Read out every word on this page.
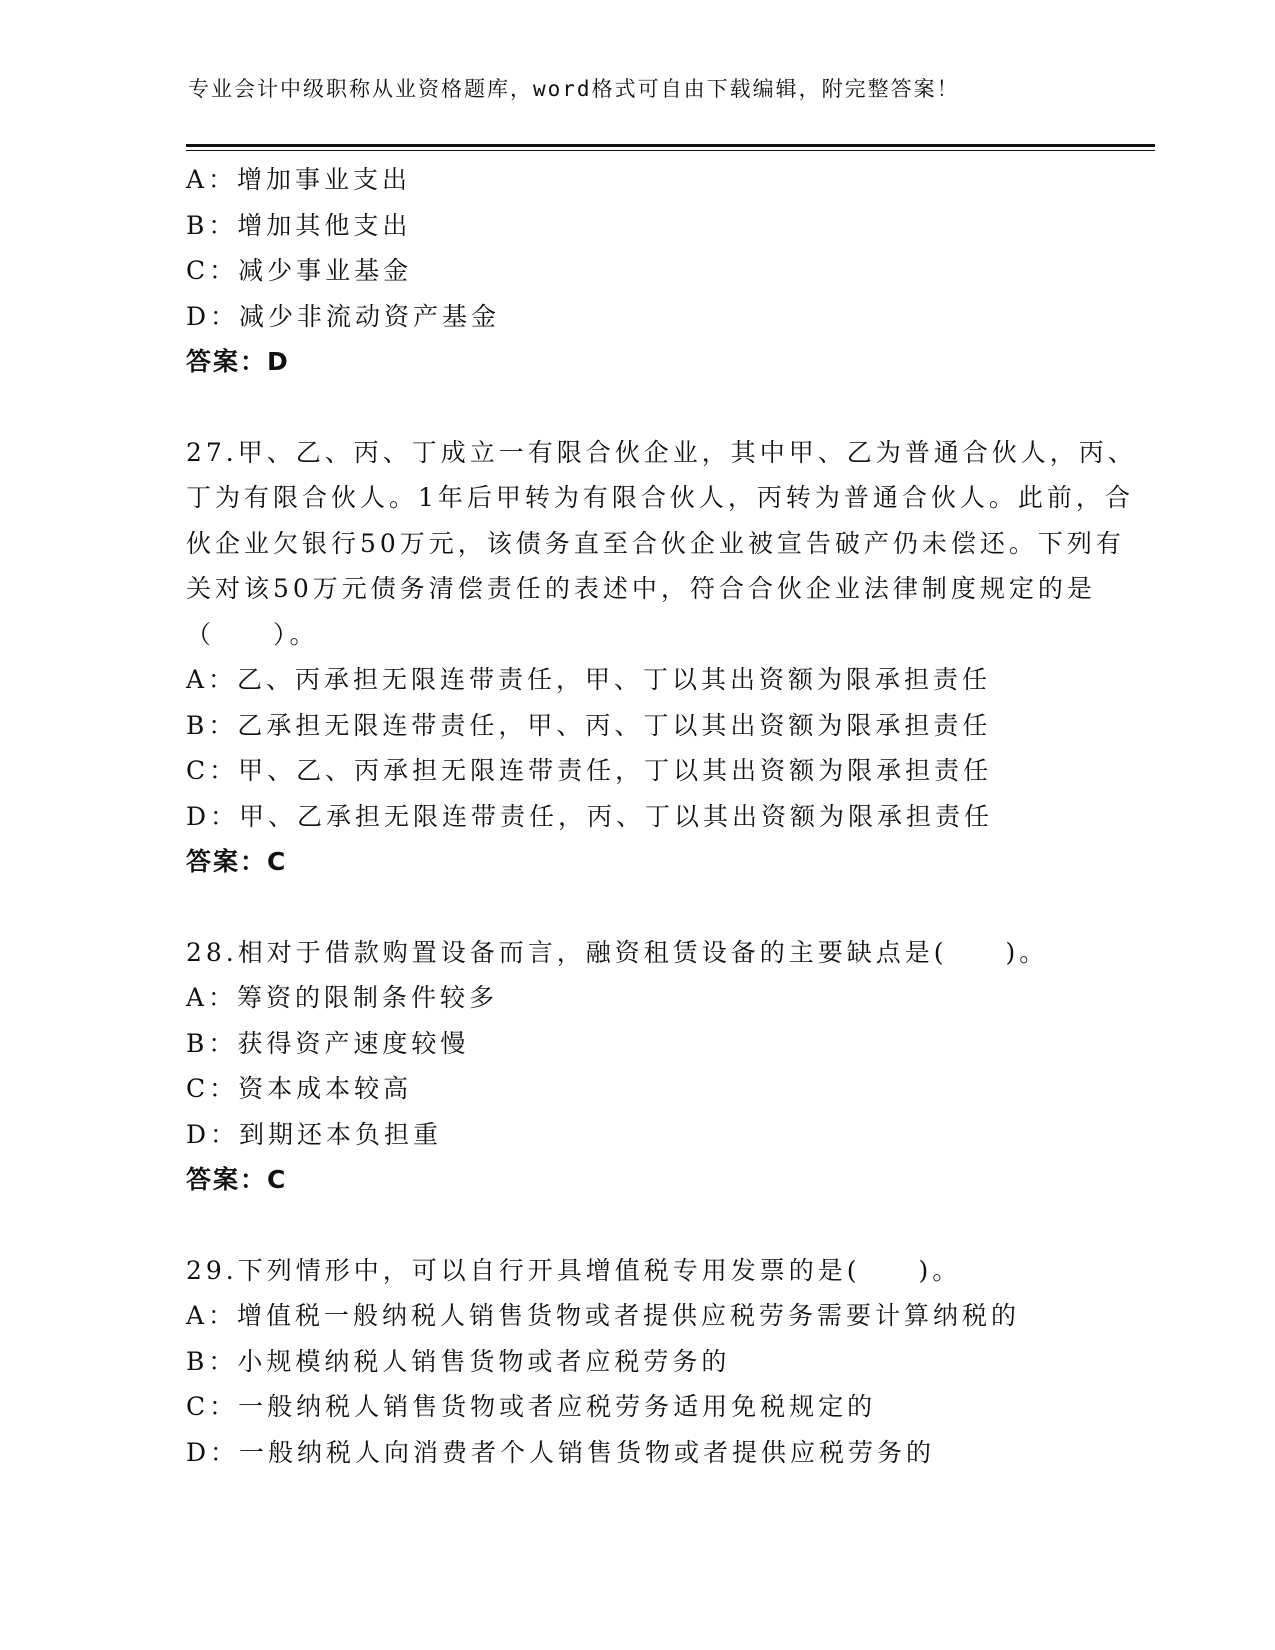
专业会计中级职称从业资格题库，word格式可自由下载编辑，附完整答案！
A：增加事业支出
B：增加其他支出
C：减少事业基金
D：减少非流动资产基金
答案：D
27.甲、乙、丙、丁成立一有限合伙企业，其中甲、乙为普通合伙人，丙、丁为有限合伙人。1年后甲转为有限合伙人，丙转为普通合伙人。此前，合伙企业欠银行50万元，该债务直至合伙企业被宣告破产仍未偿还。下列有关对该50万元债务清偿责任的表述中，符合合伙企业法律制度规定的是（　　）。
A：乙、丙承担无限连带责任，甲、丁以其出资额为限承担责任
B：乙承担无限连带责任，甲、丙、丁以其出资额为限承担责任
C：甲、乙、丙承担无限连带责任，丁以其出资额为限承担责任
D：甲、乙承担无限连带责任，丙、丁以其出资额为限承担责任
答案：C
28.相对于借款购置设备而言，融资租赁设备的主要缺点是(　　)。
A：筹资的限制条件较多
B：获得资产速度较慢
C：资本成本较高
D：到期还本负担重
答案：C
29.下列情形中，可以自行开具增值税专用发票的是(　　)。
A：增值税一般纳税人销售货物或者提供应税劳务需要计算纳税的
B：小规模纳税人销售货物或者应税劳务的
C：一般纳税人销售货物或者应税劳务适用免税规定的
D：一般纳税人向消费者个人销售货物或者提供应税劳务的
